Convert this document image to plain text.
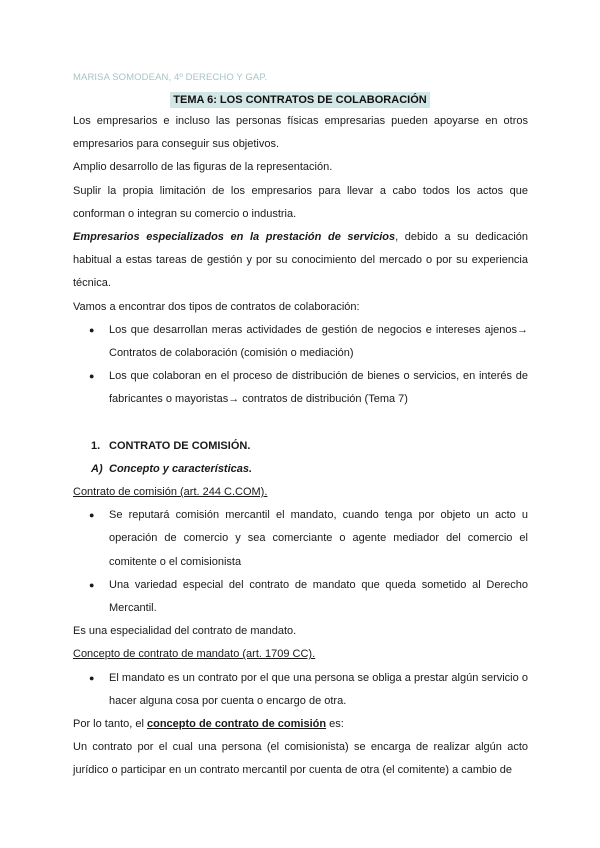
MARISA SOMODEAN, 4º DERECHO Y GAP.
TEMA 6: LOS CONTRATOS DE COLABORACIÓN

Los empresarios e incluso las personas físicas empresarias pueden apoyarse en otros empresarios para conseguir sus objetivos.

Amplio desarrollo de las figuras de la representación.

Suplir la propia limitación de los empresarios para llevar a cabo todos los actos que conforman o integran su comercio o industria.

Empresarios especializados en la prestación de servicios, debido a su dedicación habitual a estas tareas de gestión y por su conocimiento del mercado o por su experiencia técnica.

Vamos a encontrar dos tipos de contratos de colaboración:

● Los que desarrollan meras actividades de gestión de negocios e intereses ajenos→ Contratos de colaboración (comisión o mediación)
● Los que colaboran en el proceso de distribución de bienes o servicios, en interés de fabricantes o mayoristas→ contratos de distribución (Tema 7)

1. CONTRATO DE COMISIÓN.

A) Concepto y características.

Contrato de comisión (art. 244 C.COM).

● Se reputará comisión mercantil el mandato, cuando tenga por objeto un acto u operación de comercio y sea comerciante o agente mediador del comercio el comitente o el comisionista
● Una variedad especial del contrato de mandato que queda sometido al Derecho Mercantil.

Es una especialidad del contrato de mandato.

Concepto de contrato de mandato (art. 1709 CC).

● El mandato es un contrato por el que una persona se obliga a prestar algún servicio o hacer alguna cosa por cuenta o encargo de otra.

Por lo tanto, el concepto de contrato de comisión es:

Un contrato por el cual una persona (el comisionista) se encarga de realizar algún acto jurídico o participar en un contrato mercantil por cuenta de otra (el comitente) a cambio de
